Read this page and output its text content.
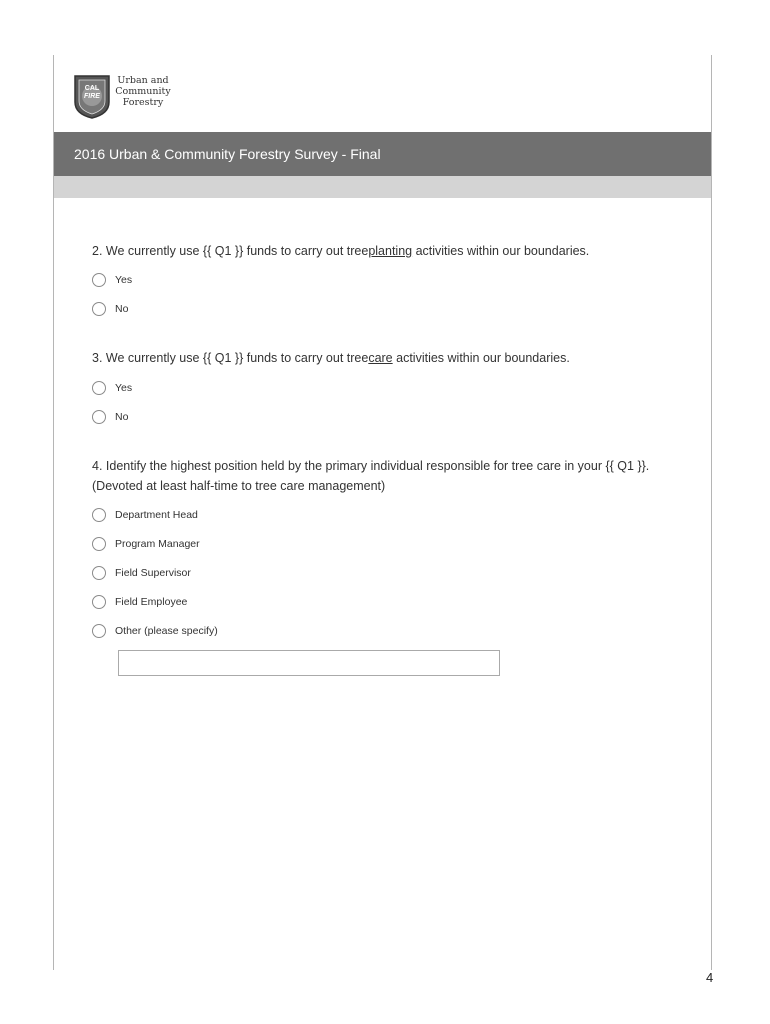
CAL
FIRE
Urban and
Community
Forestry
2016 Urban & Community Forestry Survey - Final
2. We currently use {{ Q1 }} funds to carry out treeplanting activities within our boundaries.
Yes
No
3. We currently use {{ Q1 }} funds to carry out treecare activities within our boundaries.
Yes
No
4. Identify the highest position held by the primary individual responsible for tree care in your {{ Q1 }}.
(Devoted at least half-time to tree care management)
Department Head
Program Manager
Field Supervisor
Field Employee
Other (please specify)
4
